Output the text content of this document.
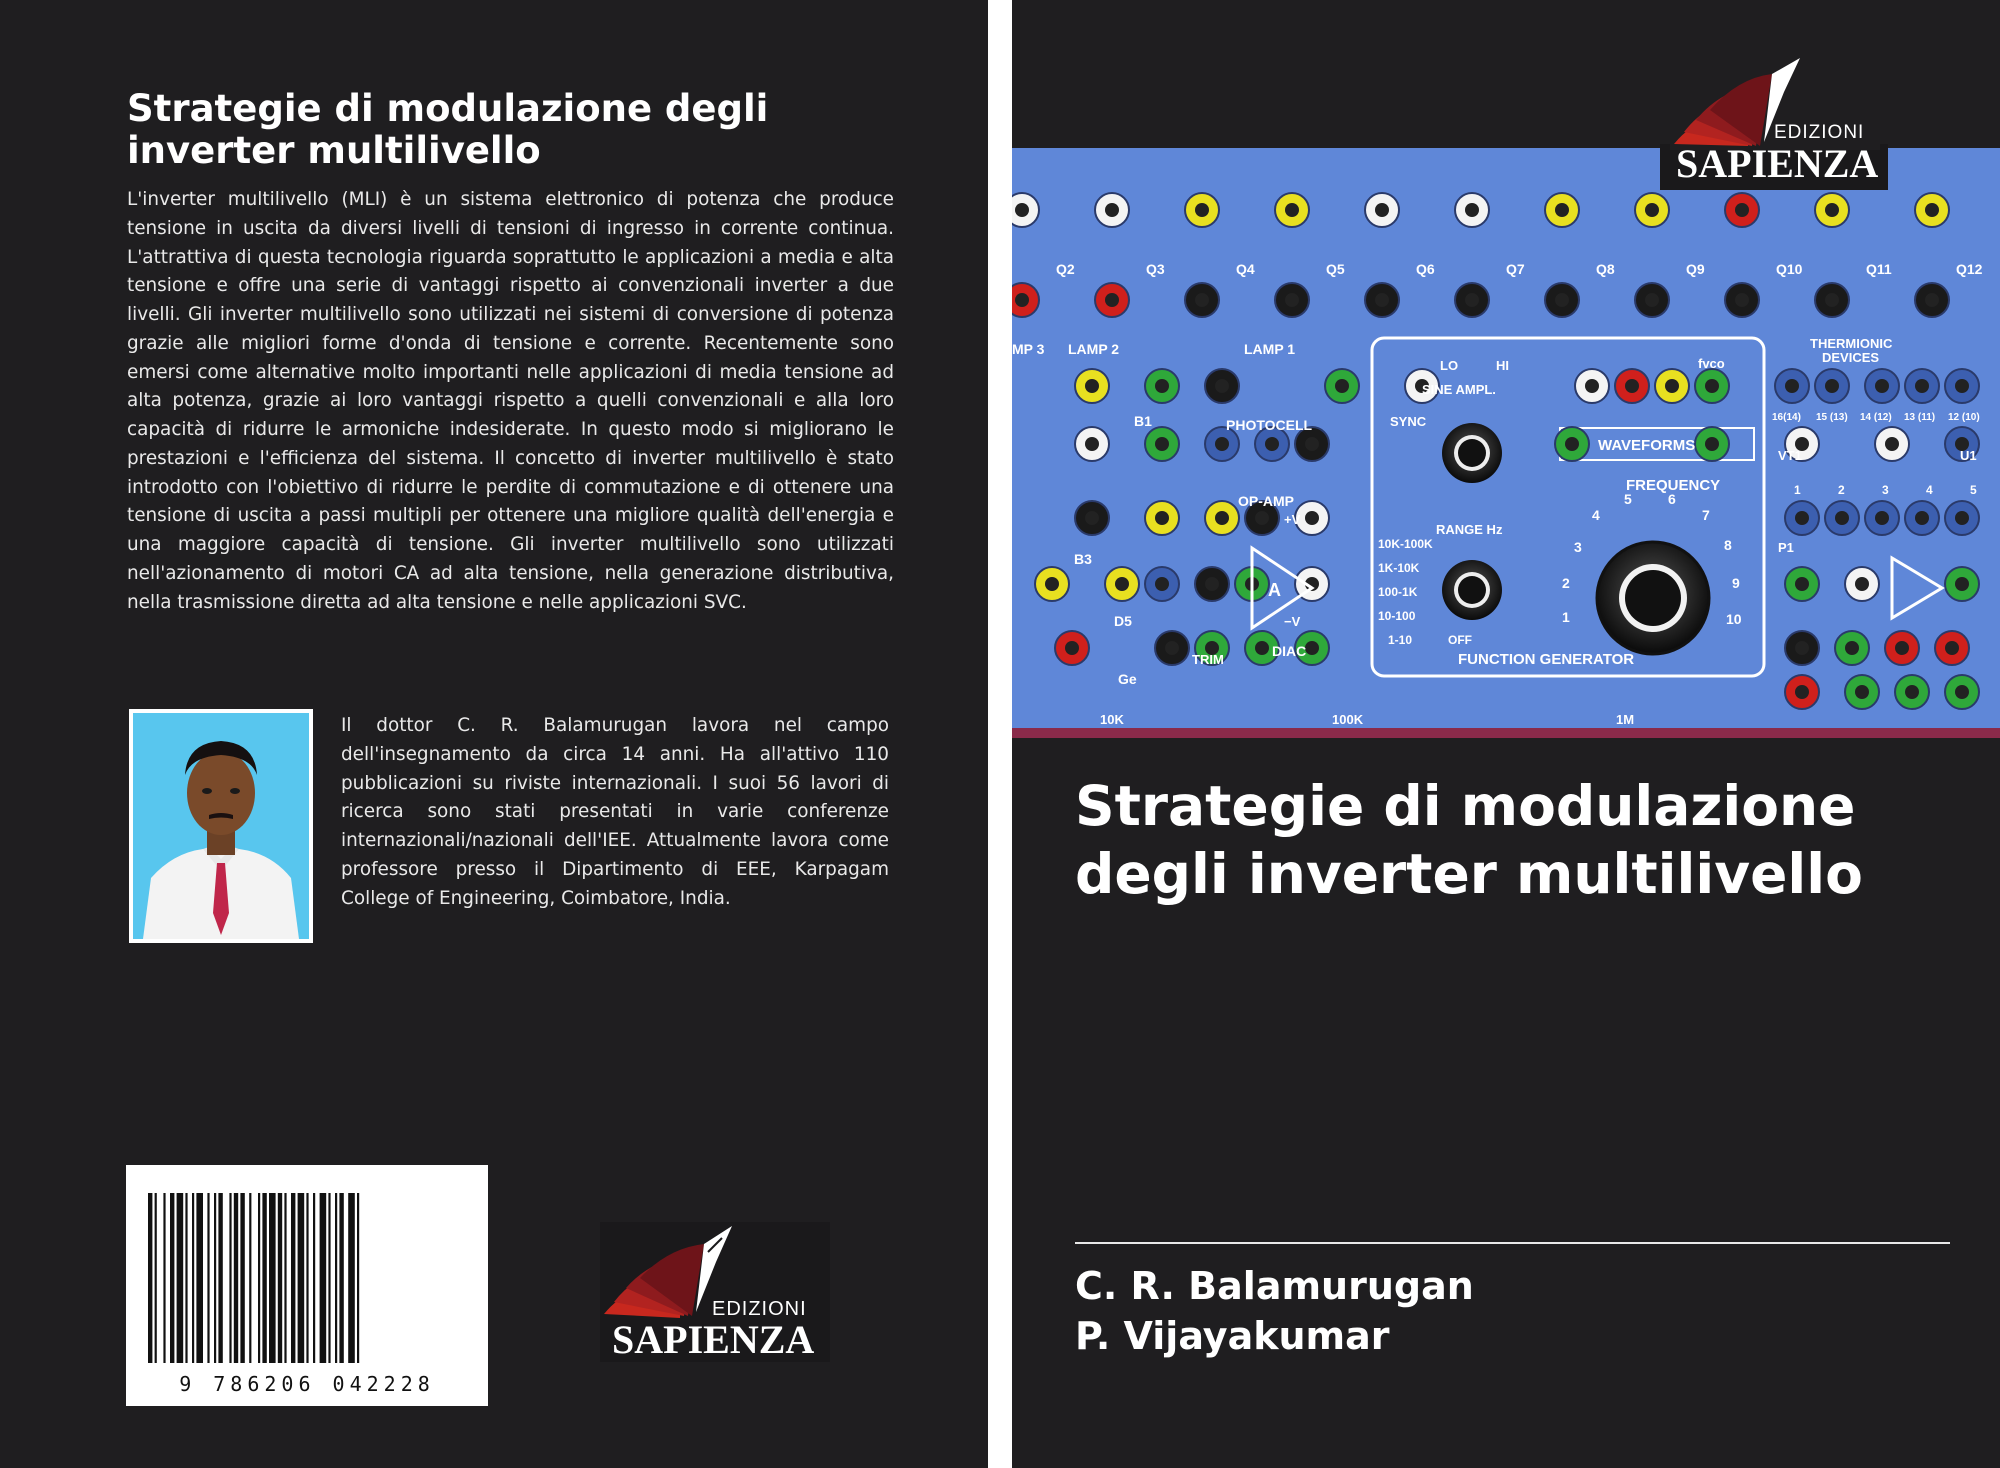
Strategie di modulazione degli inverter multilivello

L'inverter multilivello (MLI) è un sistema elettronico di potenza che produce tensione in uscita da diversi livelli di tensioni di ingresso in corrente continua. L'attrattiva di questa tecnologia riguarda soprattutto le applicazioni a media e alta tensione e offre una serie di vantaggi rispetto ai convenzionali inverter a due livelli. Gli inverter multilivello sono utilizzati nei sistemi di conversione di potenza grazie alle migliori forme d'onda di tensione e corrente. Recentemente sono emersi come alternative molto importanti nelle applicazioni di media tensione ad alta potenza, grazie ai loro vantaggi rispetto a quelli convenzionali e alla loro capacità di ridurre le armoniche indesiderate. In questo modo si migliorano le prestazioni e l'efficienza del sistema. Il concetto di inverter multilivello è stato introdotto con l'obiettivo di ridurre le perdite di commutazione e di ottenere una tensione di uscita a passi multipli per ottenere una migliore qualità dell'energia e una maggiore capacità di tensione. Gli inverter multilivello sono utilizzati nell'azionamento di motori CA ad alta tensione, nella generazione distributiva, nella trasmissione diretta ad alta tensione e nelle applicazioni SVC.

Il dottor C. R. Balamurugan lavora nel campo dell'insegnamento da circa 14 anni. Ha all'attivo 110 pubblicazioni su riviste internazionali. I suoi 56 lavori di ricerca sono stati presentati in varie conferenze internazionali/nazionali dell'IEE. Attualmente lavora come professore presso il Dipartimento di EEE, Karpagam College of Engineering, Coimbatore, India.

9 786206 042228
EDIZIONI
SAPIENZA
Q2	Q3	Q4	Q5	Q6	Q7	Q8	Q9	Q10	Q11	Q12
MP 3 LAMP 2	LAMP 1
B1
B3
D5
Ge
PHOTOCELL
OP-AMP
+V
−V
A
DIAC
TRIM
LO	HI
SINE AMPL.
SYNC
WAVEFORMS
fvco
FREQUENCY
RANGE Hz
10K-100K
1K-10K
100-1K
10-100
1-10	OFF
1
2
3
4
5	6
7
8
9
10
FUNCTION GENERATOR
THERMIONIC
DEVICES
16(14) 15 (13) 14 (12) 13 (11) 12 (10)
VT1	U1
P1
1	2	3	4	5
10K	100K	1M
EDIZIONI
SAPIENZA
Strategie di modulazione degli inverter multilivello
C. R. Balamurugan
P. Vijayakumar
